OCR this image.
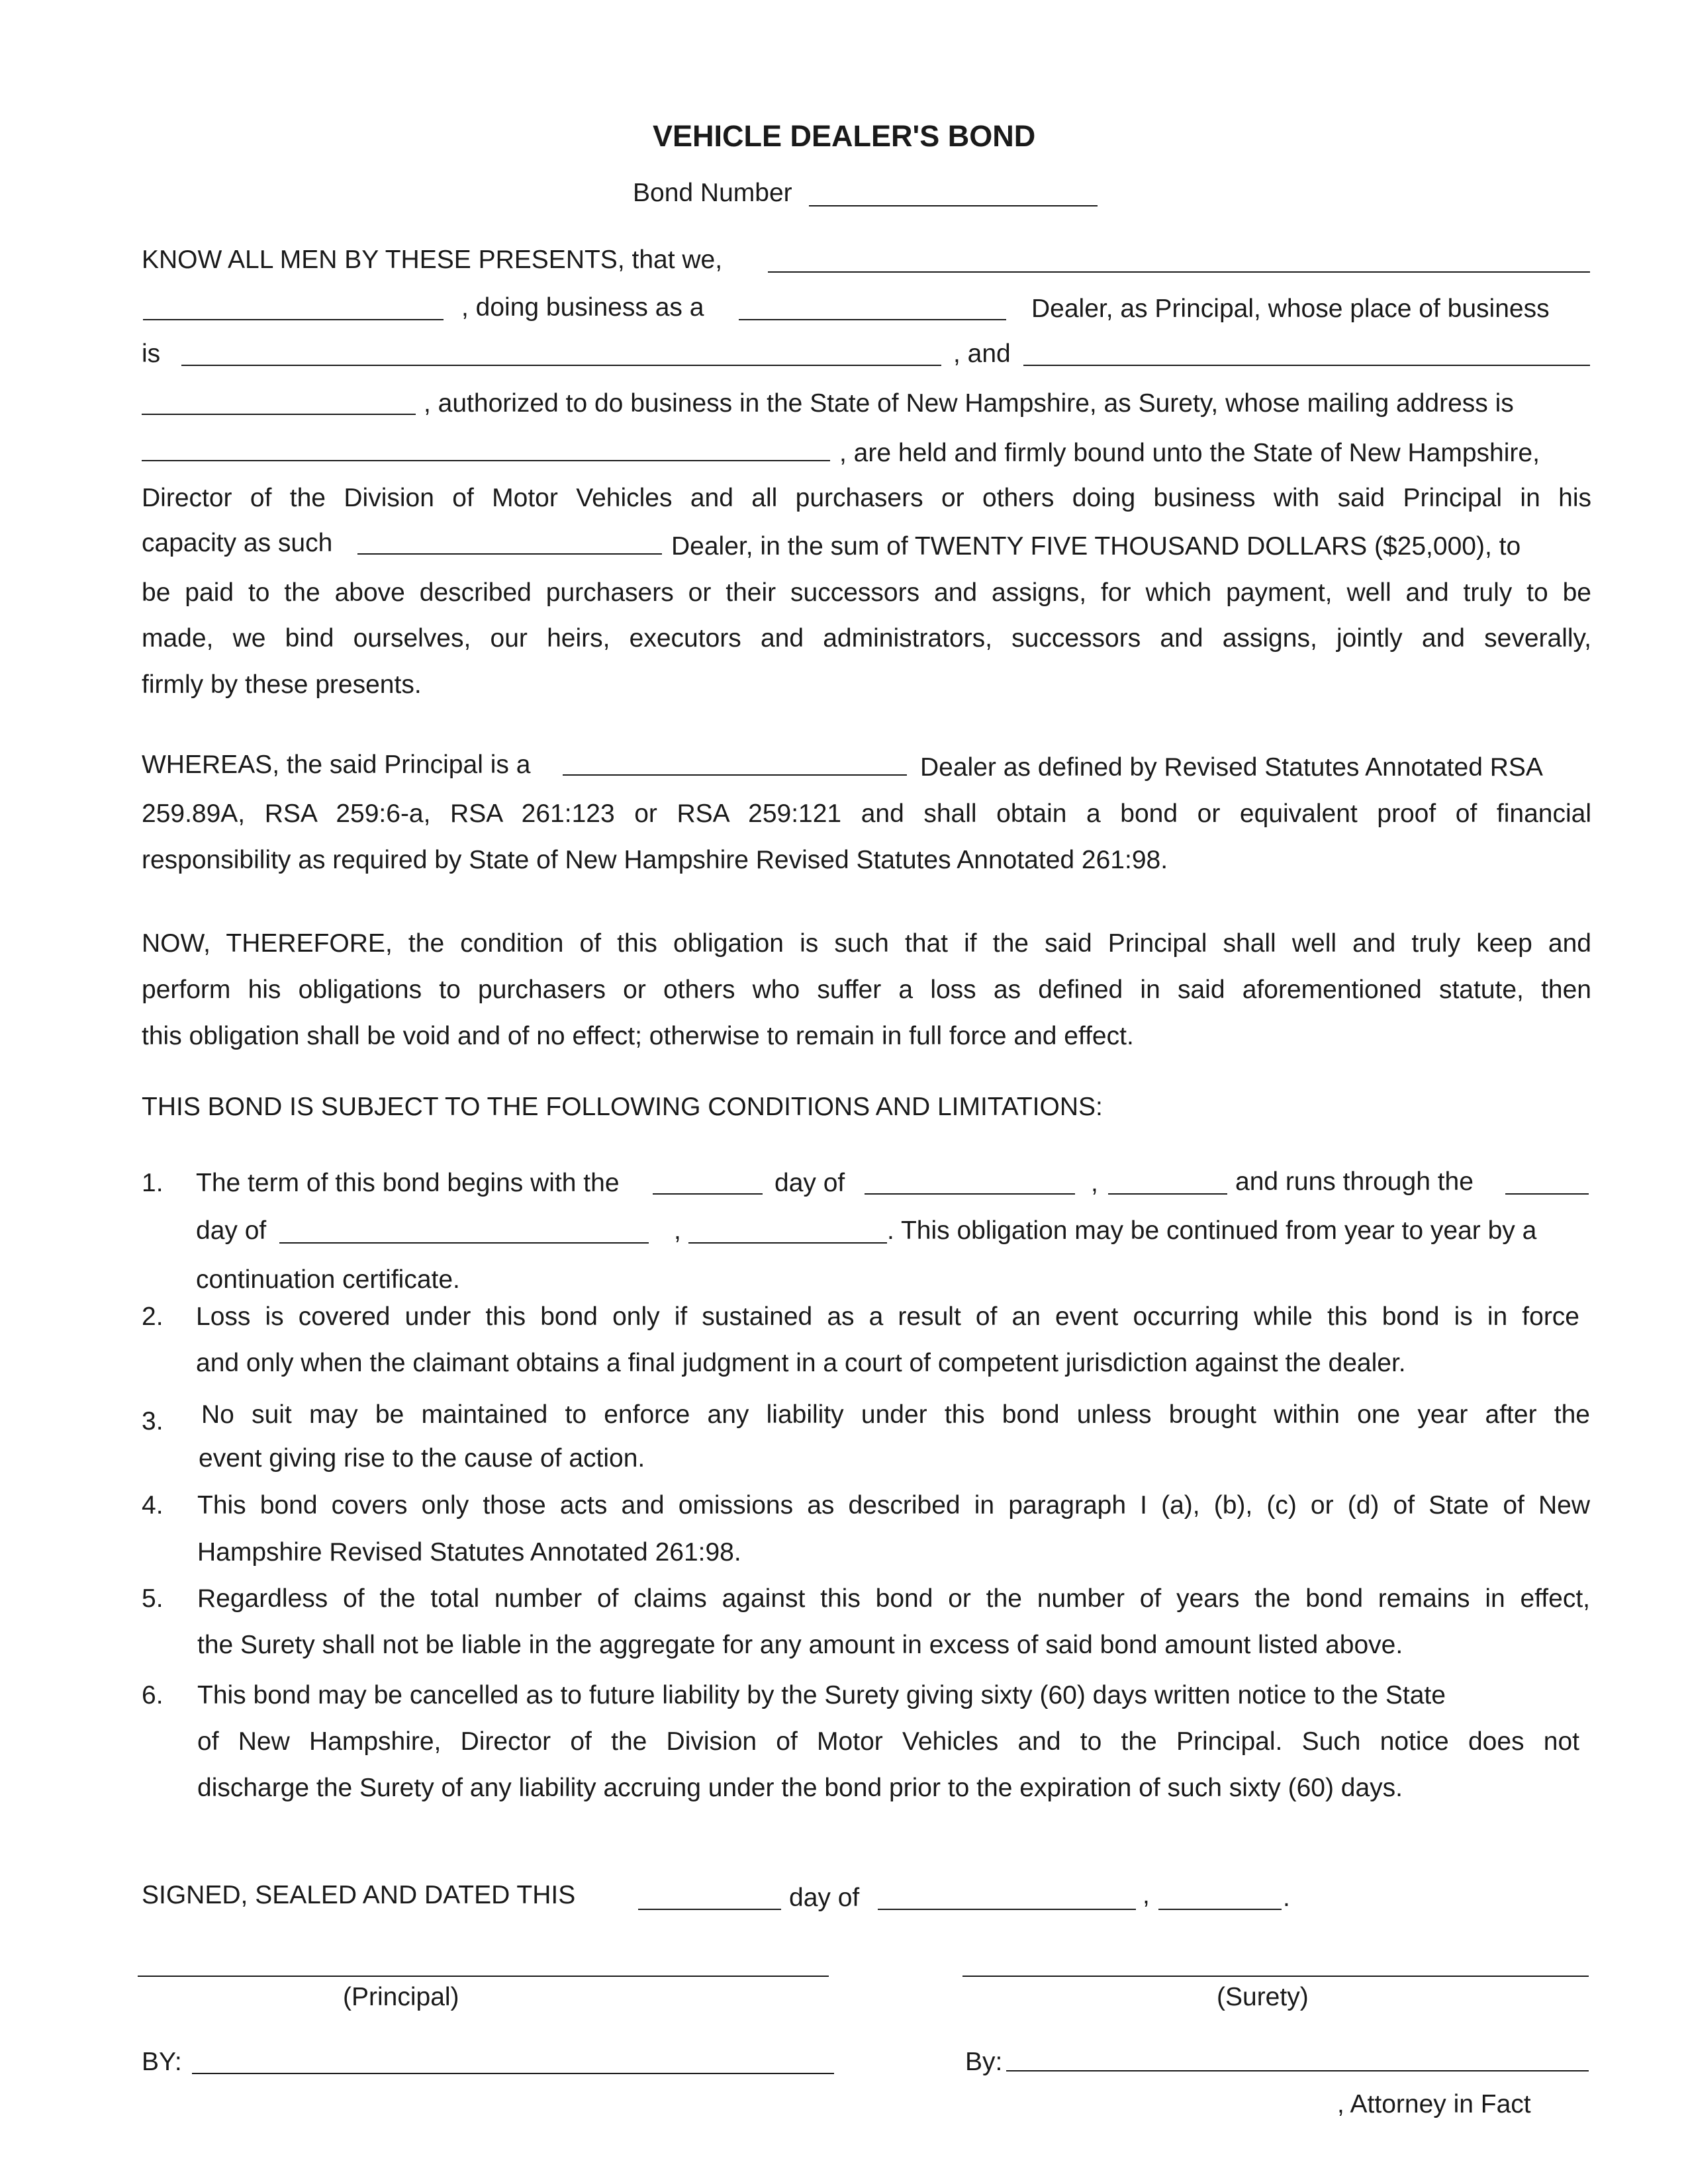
VEHICLE DEALER'S BOND
Bond Number
KNOW ALL MEN BY THESE PRESENTS, that we,
, doing business as a	Dealer, as Principal, whose place of business
is	, and
, authorized to do business in the State of New Hampshire, as Surety, whose mailing address is
, are held and firmly bound unto the State of New Hampshire,
Director of the Division of Motor Vehicles and all purchasers or others doing business with said Principal in his
capacity as such	Dealer, in the sum of TWENTY FIVE THOUSAND DOLLARS ($25,000), to
be paid to the above described purchasers or their successors and assigns, for which payment, well and truly to be
made, we bind ourselves, our heirs, executors and administrators, successors and assigns, jointly and severally,
firmly by these presents.
WHEREAS, the said Principal is a	Dealer as defined by Revised Statutes Annotated RSA
259.89A, RSA 259:6-a, RSA 261:123 or RSA 259:121 and shall obtain a bond or equivalent proof of financial
responsibility as required by State of New Hampshire Revised Statutes Annotated 261:98.
NOW, THEREFORE, the condition of this obligation is such that if the said Principal shall well and truly keep and
perform his obligations to purchasers or others who suffer a loss as defined in said aforementioned statute, then
this obligation shall be void and of no effect; otherwise to remain in full force and effect.
THIS BOND IS SUBJECT TO THE FOLLOWING CONDITIONS AND LIMITATIONS:
1. The term of this bond begins with the	day of	,	and runs through the
day of	,	. This obligation may be continued from year to year by a
continuation certificate.
2. Loss is covered under this bond only if sustained as a result of an event occurring while this bond is in force
and only when the claimant obtains a final judgment in a court of competent jurisdiction against the dealer.
3. No suit may be maintained to enforce any liability under this bond unless brought within one year after the
event giving rise to the cause of action.
4. This bond covers only those acts and omissions as described in paragraph I (a), (b), (c) or (d) of State of New
Hampshire Revised Statutes Annotated 261:98.
5. Regardless of the total number of claims against this bond or the number of years the bond remains in effect,
the Surety shall not be liable in the aggregate for any amount in excess of said bond amount listed above.
6. This bond may be cancelled as to future liability by the Surety giving sixty (60) days written notice to the State
of New Hampshire, Director of the Division of Motor Vehicles and to the Principal. Such notice does not
discharge the Surety of any liability accruing under the bond prior to the expiration of such sixty (60) days.
SIGNED, SEALED AND DATED THIS	day of	,	.
(Principal)	(Surety)
BY:	By:
, Attorney in Fact
